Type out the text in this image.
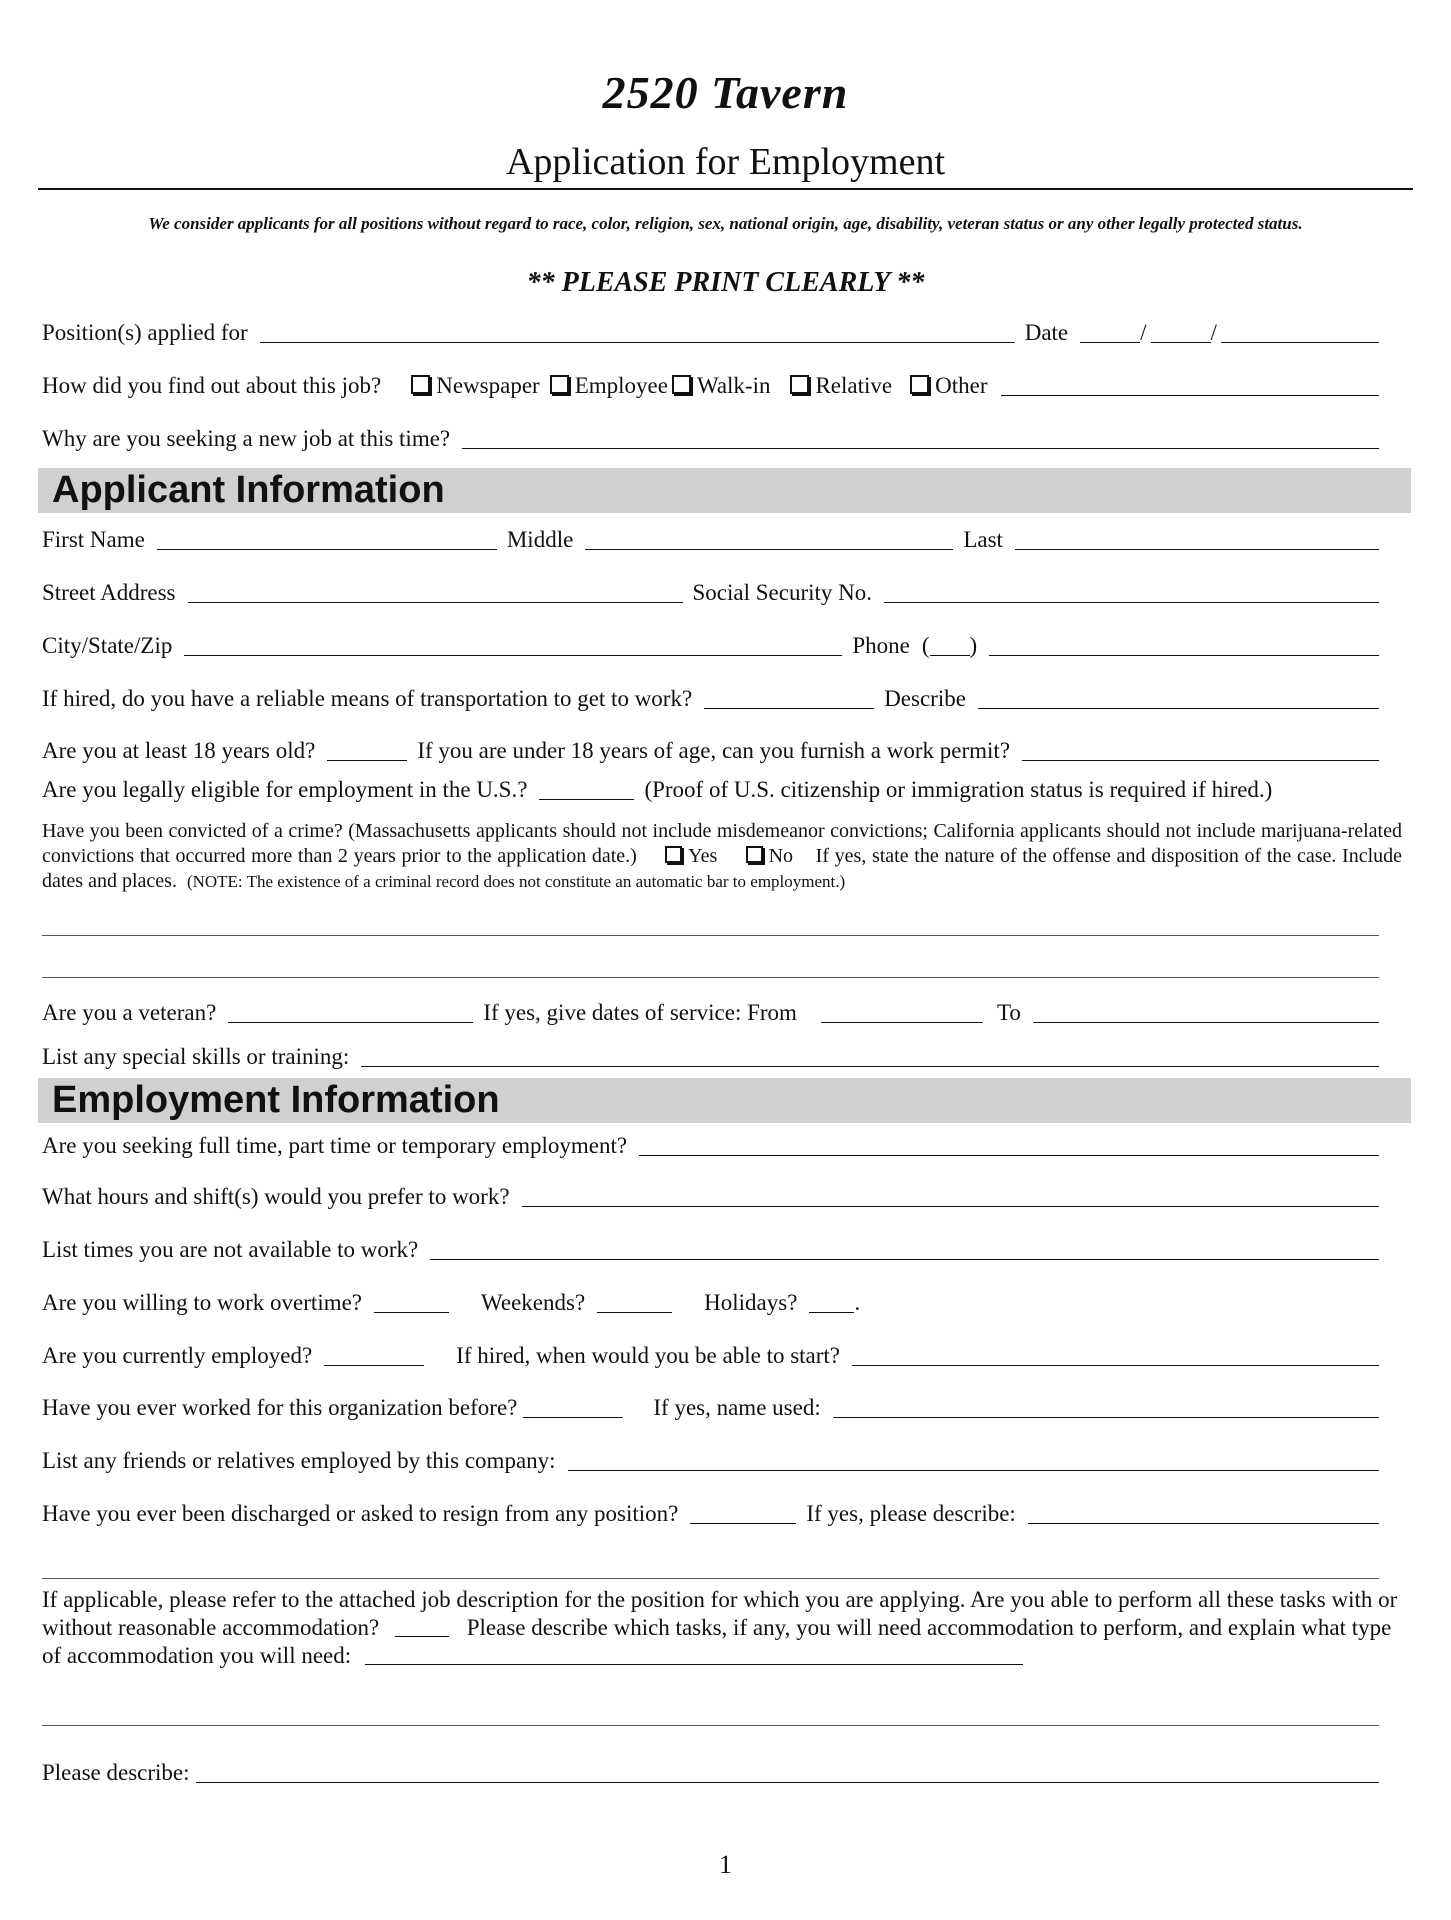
2520 Tavern
Application for Employment
We consider applicants for all positions without regard to race, color, religion, sex, national origin, age, disability, veteran status or any other legally protected status.
** PLEASE PRINT CLEARLY **
Position(s) applied for	Date	/	/
How did you find out about this job?	Newspaper Employee Walk-in Relative Other
Why are you seeking a new job at this time?
Applicant Information
First Name	Middle	Last
Street Address	Social Security No.
City/State/Zip	Phone ( )
If hired, do you have a reliable means of transportation to get to work?	Describe
Are you at least 18 years old?	If you are under 18 years of age, can you furnish a work permit?
Are you legally eligible for employment in the U.S.?	(Proof of U.S. citizenship or immigration status is required if hired.)
Have you been convicted of a crime? (Massachusetts applicants should not include misdemeanor convictions; California applicants should not include marijuana-related convictions that occurred more than 2 years prior to the application date.)	Yes	No If yes, state the nature of the offense and disposition of the case. Include dates and places. (NOTE: The existence of a criminal record does not constitute an automatic bar to employment.)
Are you a veteran?	If yes, give dates of service: From	To
List any special skills or training:
Employment Information
Are you seeking full time, part time or temporary employment?
What hours and shift(s) would you prefer to work?
List times you are not available to work?
Are you willing to work overtime?	Weekends?	Holidays?	.
Are you currently employed?	If hired, when would you be able to start?
Have you ever worked for this organization before?	If yes, name used:
List any friends or relatives employed by this company:
Have you ever been discharged or asked to resign from any position?	If yes, please describe:
If applicable, please refer to the attached job description for the position for which you are applying. Are you able to perform all these tasks with or without reasonable accommodation?	Please describe which tasks, if any, you will need accommodation to perform, and explain what type of accommodation you will need:
Please describe:
1
